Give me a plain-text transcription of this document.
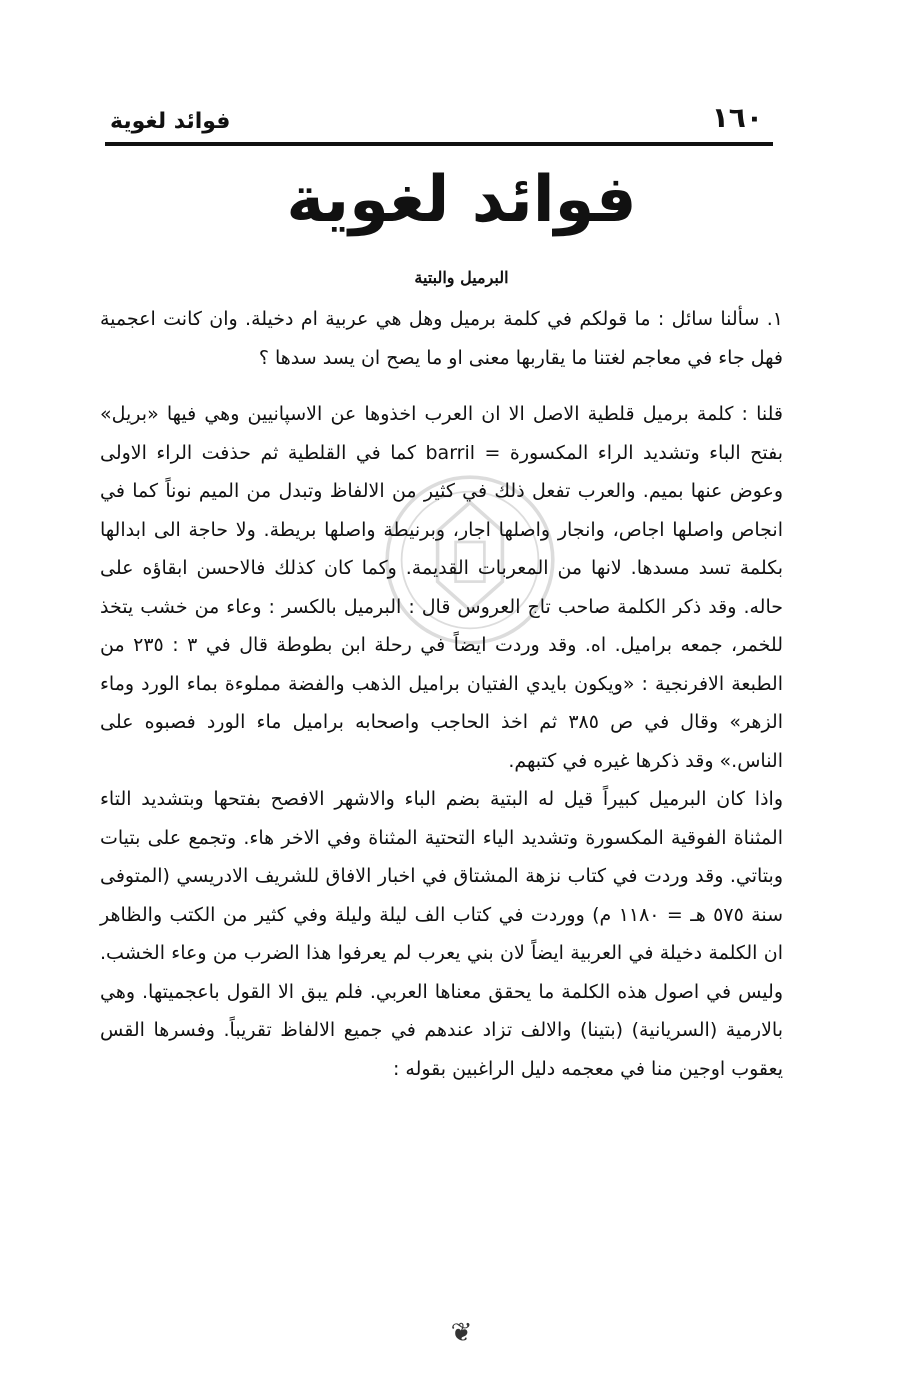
١٦٠
فوائد لغوية
فوائد لغوية
البرميل والبتية

١. سألنا سائل : ما قولكم في كلمة برميل وهل هي عربية ام دخيلة. وان كانت اعجمية فهل جاء في معاجم لغتنا ما يقاربها معنى او ما يصح ان يسد سدها ؟

قلنا : كلمة برميل قلطية الاصل الا ان العرب اخذوها عن الاسپانيين وهي فيها «بريل» بفتح الباء وتشديد الراء المكسورة = barril كما في القلطية ثم حذفت الراء الاولى وعوض عنها بميم. والعرب تفعل ذلك في كثير من الالفاظ وتبدل من الميم نوناً كما في انجاص واصلها اجاص، وانجار واصلها اجار، وبرنيطة واصلها بريطة. ولا حاجة الى ابدالها بكلمة تسد مسدها. لانها من المعربات القديمة. وكما كان كذلك فالاحسن ابقاؤه على حاله. وقد ذكر الكلمة صاحب تاج العروس قال : البرميل بالكسر : وعاء من خشب يتخذ للخمر، جمعه براميل. اه. وقد وردت ايضاً في رحلة ابن بطوطة قال في ٣ : ٢٣٥ من الطبعة الافرنجية : «ويكون بايدي الفتيان براميل الذهب والفضة مملوءة بماء الورد وماء الزهر» وقال في ص ٣٨٥ ثم اخذ الحاجب واصحابه براميل ماء الورد فصبوه على الناس.» وقد ذكرها غيره في كتبهم.

واذا كان البرميل كبيراً قيل له البتية بضم الباء والاشهر الافصح بفتحها وبتشديد التاء المثناة الفوقية المكسورة وتشديد الياء التحتية المثناة وفي الاخر هاء. وتجمع على بتيات وبتاتي. وقد وردت في كتاب نزهة المشتاق في اخبار الافاق للشريف الادريسي (المتوفى سنة ٥٧٥ هـ = ١١٨٠ م) ووردت في كتاب الف ليلة وليلة وفي كثير من الكتب والظاهر ان الكلمة دخيلة في العربية ايضاً لان بني يعرب لم يعرفوا هذا الضرب من وعاء الخشب. وليس في اصول هذه الكلمة ما يحقق معناها العربي. فلم يبق الا القول باعجميتها. وهي بالارمية (السريانية) (بتينا) والالف تزاد عندهم في جميع الالفاظ تقريباً. وفسرها القس يعقوب اوجين منا في معجمه دليل الراغبين بقوله :

❦
